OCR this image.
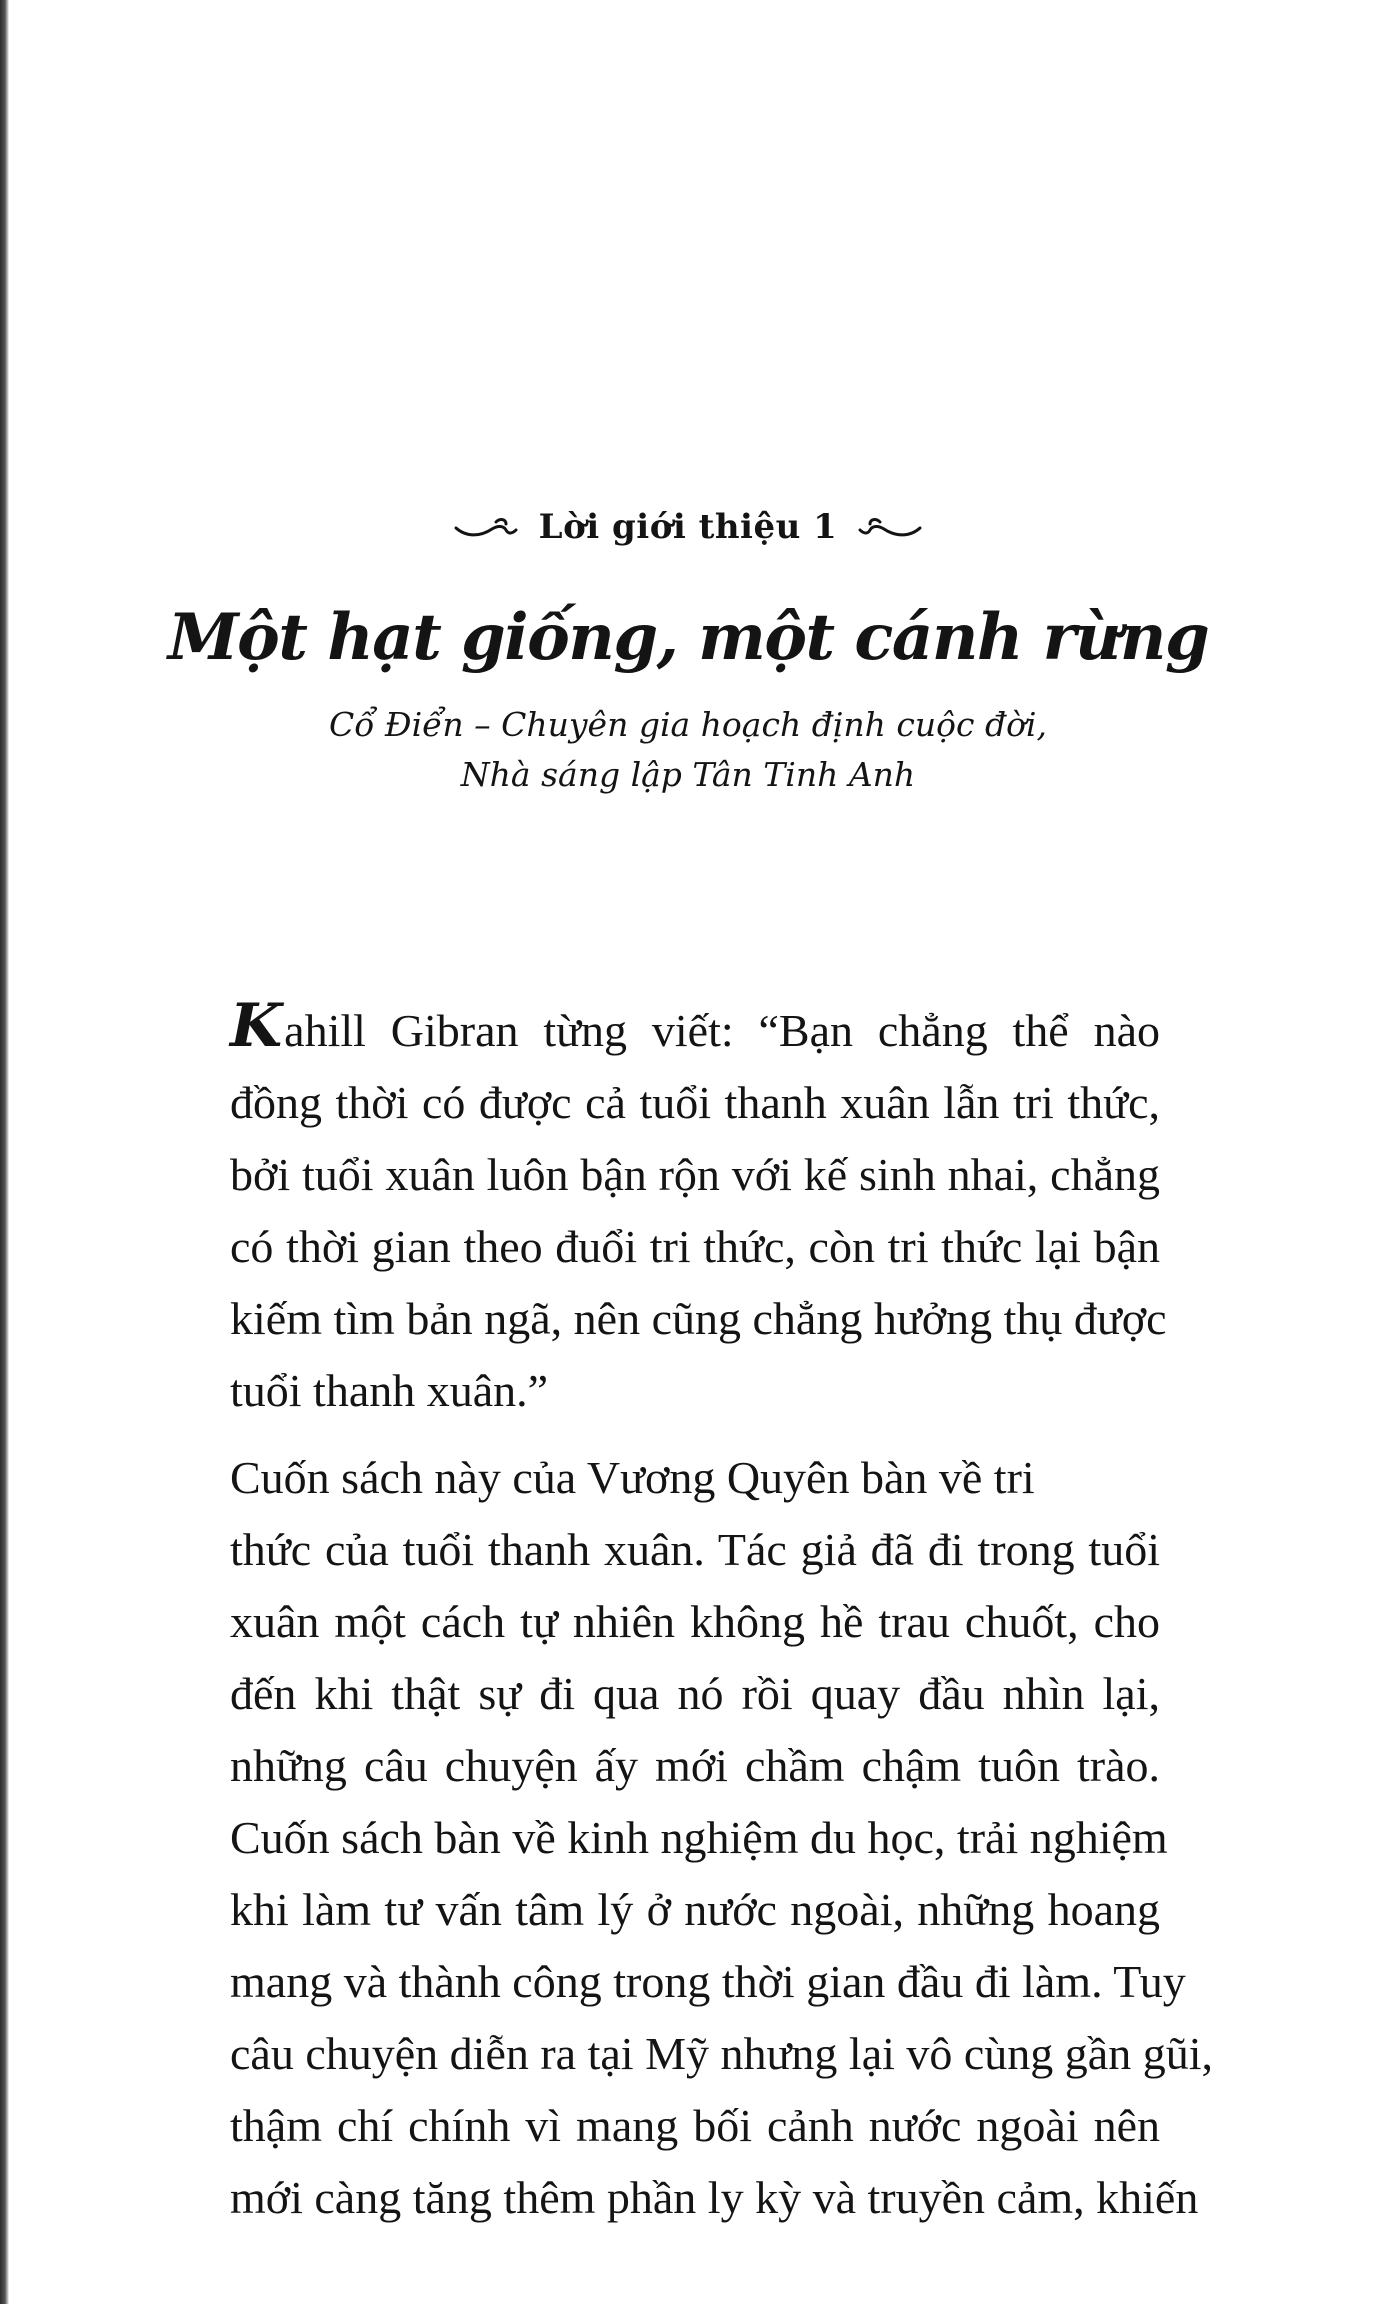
Lời giới thiệu 1
Một hạt giống, một cánh rừng
Cổ Điển – Chuyên gia hoạch định cuộc đời,
Nhà sáng lập Tân Tinh Anh
Kahill Gibran từng viết: “Bạn chẳng thể nào
đồng thời có được cả tuổi thanh xuân lẫn tri thức,
bởi tuổi xuân luôn bận rộn với kế sinh nhai, chẳng
có thời gian theo đuổi tri thức, còn tri thức lại bận
kiếm tìm bản ngã, nên cũng chẳng hưởng thụ được
tuổi thanh xuân.”
Cuốn sách này của Vương Quyên bàn về tri
thức của tuổi thanh xuân. Tác giả đã đi trong tuổi
xuân một cách tự nhiên không hề trau chuốt, cho
đến khi thật sự đi qua nó rồi quay đầu nhìn lại,
những câu chuyện ấy mới chầm chậm tuôn trào.
Cuốn sách bàn về kinh nghiệm du học, trải nghiệm
khi làm tư vấn tâm lý ở nước ngoài, những hoang
mang và thành công trong thời gian đầu đi làm. Tuy
câu chuyện diễn ra tại Mỹ nhưng lại vô cùng gần gũi,
thậm chí chính vì mang bối cảnh nước ngoài nên
mới càng tăng thêm phần ly kỳ và truyền cảm, khiến
